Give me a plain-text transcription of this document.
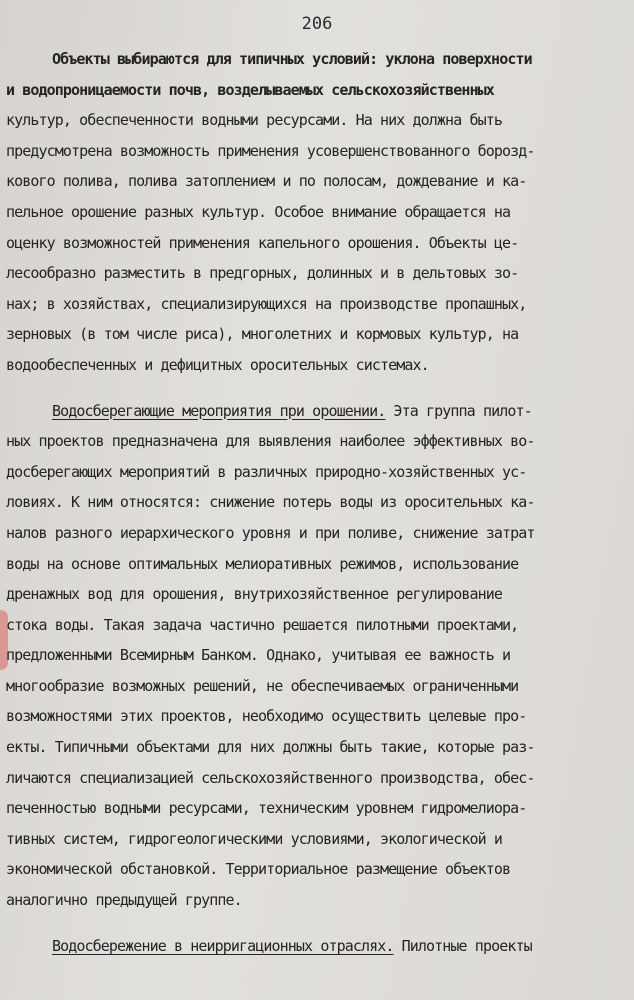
206
Объекты выбираются для типичных условий: уклона поверхности
и водопроницаемости почв, возделываемых сельскохозяйственных
культур, обеспеченности водными ресурсами. На них должна быть
предусмотрена возможность применения усовершенствованного борозд-
кового полива, полива затоплением и по полосам, дождевание и ка-
пельное орошение разных культур. Особое внимание обращается на
оценку возможностей применения капельного орошения. Объекты це-
лесообразно разместить в предгорных, долинных и в дельтовых зо-
нах; в хозяйствах, специализирующихся на производстве пропашных,
зерновых (в том числе риса), многолетних и кормовых культур, на
водообеспеченных и дефицитных оросительных системах.
Водосберегающие мероприятия при орошении. Эта группа пилот-
ных проектов предназначена для выявления наиболее эффективных во-
досберегающих мероприятий в различных природно-хозяйственных ус-
ловиях. К ним относятся: снижение потерь воды из оросительных ка-
налов разного иерархического уровня и при поливе, снижение затрат
воды на основе оптимальных мелиоративных режимов, использование
дренажных вод для орошения, внутрихозяйственное регулирование
стока воды. Такая задача частично решается пилотными проектами,
предложенными Всемирным Банком. Однако, учитывая ее важность и
многообразие возможных решений, не обеспечиваемых ограниченными
возможностями этих проектов, необходимо осуществить целевые про-
екты. Типичными объектами для них должны быть такие, которые раз-
личаются специализацией сельскохозяйственного производства, обес-
печенностью водными ресурсами, техническим уровнем гидромелиора-
тивных систем, гидрогеологическими условиями, экологической и
экономической обстановкой. Территориальное размещение объектов
аналогично предыдущей группе.
Водосбережение в неирригационных отраслях. Пилотные проекты
